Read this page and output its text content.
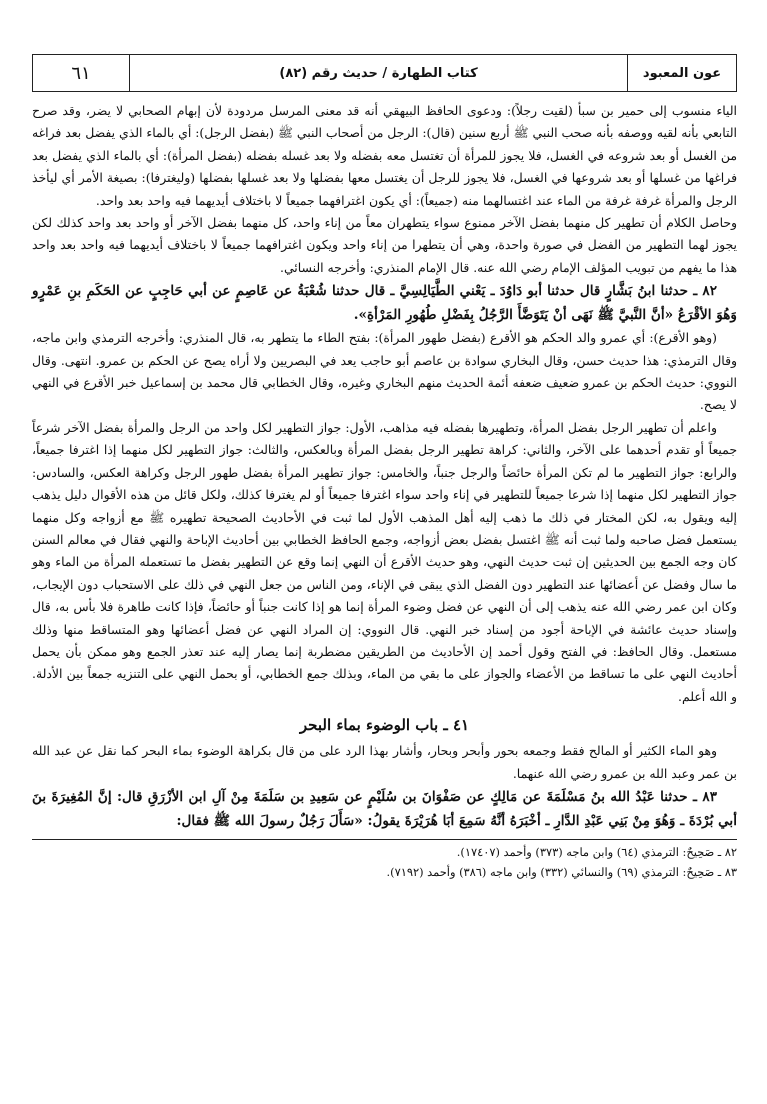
عون المعبود
كتاب الطهارة / حديث رقم (٨٢)
٦١

الياء منسوب إلى حمير بن سبأ (لقيت رجلاً): ودعوى الحافظ البيهقي أنه قد معنى المرسل مردودة لأن إبهام الصحابي لا يضر، وقد صرح التابعي بأنه لقيه ووصفه بأنه صحب النبي ﷺ أربع سنين (قال): الرجل من أصحاب النبي ﷺ (بفضل الرجل): أي بالماء الذي يفضل بعد فراغه من الغسل أو بعد شروعه في الغسل، فلا يجوز للمرأة أن تغتسل معه بفضله ولا بعد غسله بفضله (بفضل المرأة): أي بالماء الذي يفضل بعد فراغها من غسلها أو بعد شروعها في الغسل، فلا يجوز للرجل أن يغتسل معها بفضلها ولا بعد غسلها بفضلها (وليغترفا): بصيغة الأمر أي ليأخذ الرجل والمرأة غرفة غرفة من الماء عند اغتسالهما منه (جميعاً): أي يكون اغترافهما جميعاً لا باختلاف أيديهما فيه واحد بعد واحد.

وحاصل الكلام أن تطهير كل منهما بفضل الآخر ممنوع سواء يتطهران معاً من إناء واحد، كل منهما بفضل الآخر أو واحد بعد واحد كذلك لكن يجوز لهما التطهير من الفضل في صورة واحدة، وهي أن يتطهرا من إناء واحد ويكون اغترافهما جميعاً لا باختلاف أيديهما فيه واحد بعد واحد هذا ما يفهم من تبويب المؤلف الإمام رضي الله عنه. قال الإمام المنذري: وأخرجه النسائي.

٨٢ ـ حدثنا ابنُ بَشَّارٍ قال حدثنا أبو دَاوُدَ ـ يَعْني الطَّيَالِسِيَّ ـ قال حدثنا شُعْبَةُ عن عَاصِمٍ عن أبي حَاجِبٍ عن الحَكَمِ بنِ عَمْرٍو وَهُوَ الأقْرَعُ «أنَّ النَّبيَّ ﷺ نَهَى أنْ يَتَوَضَّأَ الرَّجُلُ بِفَضْلِ طُهُورِ المَرْأةِ».

(وهو الأقرع): أي عمرو والد الحكم هو الأقرع (بفضل طهور المرأة): بفتح الطاء ما يتطهر به، قال المنذري: وأخرجه الترمذي وابن ماجه، وقال الترمذي: هذا حديث حسن، وقال البخاري سوادة بن عاصم أبو حاجب يعد في البصريين ولا أراه يصح عن الحكم بن عمرو. انتهى. وقال النووي: حديث الحكم بن عمرو ضعيف ضعفه أئمة الحديث منهم البخاري وغيره، وقال الخطابي قال محمد بن إسماعيل خبر الأقرع في النهي لا يصح.

واعلم أن تطهير الرجل بفضل المرأة، وتطهيرها بفضله فيه مذاهب، الأول: جواز التطهير لكل واحد من الرجل والمرأة بفضل الآخر شرعاً جميعاً أو تقدم أحدهما على الآخر، والثاني: كراهة تطهير الرجل بفضل المرأة وبالعكس، والثالث: جواز التطهير لكل منهما إذا اغترفا جميعاً، والرابع: جواز التطهير ما لم تكن المرأة حائضاً والرجل جنباً، والخامس: جواز تطهير المرأة بفضل طهور الرجل وكراهة العكس، والسادس: جواز التطهير لكل منهما إذا شرعا جميعاً للتطهير في إناء واحد سواء اغترفا جميعاً أو لم يغترفا كذلك، ولكل قائل من هذه الأقوال دليل يذهب إليه ويقول به، لكن المختار في ذلك ما ذهب إليه أهل المذهب الأول لما ثبت في الأحاديث الصحيحة تطهيره ﷺ مع أزواجه وكل منهما يستعمل فضل صاحبه ولما ثبت أنه ﷺ اغتسل بفضل بعض أزواجه، وجمع الحافظ الخطابي بين أحاديث الإباحة والنهي فقال في معالم السنن كان وجه الجمع بين الحديثين إن ثبت حديث النهي، وهو حديث الأقرع أن النهي إنما وقع عن التطهير بفضل ما تستعمله المرأة من الماء وهو ما سال وفضل عن أعضائها عند التطهير دون الفضل الذي يبقى في الإناء، ومن الناس من جعل النهي في ذلك على الاستحباب دون الإيجاب، وكان ابن عمر رضي الله عنه يذهب إلى أن النهي عن فضل وضوء المرأة إنما هو إذا كانت جنباً أو حائضاً، فإذا كانت طاهرة فلا بأس به، قال وإسناد حديث عائشة في الإباحة أجود من إسناد خبر النهي. قال النووي: إن المراد النهي عن فضل أعضائها وهو المتساقط منها وذلك مستعمل. وقال الحافظ: في الفتح وقول أحمد إن الأحاديث من الطريقين مضطربة إنما يصار إليه عند تعذر الجمع وهو ممكن بأن يحمل أحاديث النهي على ما تساقط من الأعضاء والجواز على ما بقي من الماء، وبذلك جمع الخطابي، أو بحمل النهي على التنزيه جمعاً بين الأدلة. و الله أعلم.

٤١ ـ باب الوضوء بماء البحر

وهو الماء الكثير أو المالح فقط وجمعه بحور وأبحر وبحار، وأشار بهذا الرد على من قال بكراهة الوضوء بماء البحر كما نقل عن عبد الله بن عمر وعبد الله بن عمرو رضي الله عنهما.

٨٣ ـ حدثنا عَبْدُ الله بنُ مَسْلَمَةَ عن مَالِكٍ عن صَفْوَانَ بن سُلَيْمٍ عن سَعِيدِ بن سَلَمَةَ مِنْ آلِ ابن الأزْرَقِ قال: إنَّ المُغِيرَةَ بنَ أبي بُرْدَةَ ـ وَهُوَ مِنْ بَنِي عَبْدِ الدَّارِ ـ أخْبَرَهُ أنَّهُ سَمِعَ أبَا هُرَيْرَةَ يقولُ: «سَأَلَ رَجُلٌ رسولَ الله ﷺ فقال:

٨٢ ـ صَحِيحٌ: الترمذي (٦٤) وابن ماجه (٣٧٣) وأحمد (١٧٤٠٧).

٨٣ ـ صَحِيحٌ: الترمذي (٦٩) والنسائي (٣٣٢) وابن ماجه (٣٨٦) وأحمد (٧١٩٢).
